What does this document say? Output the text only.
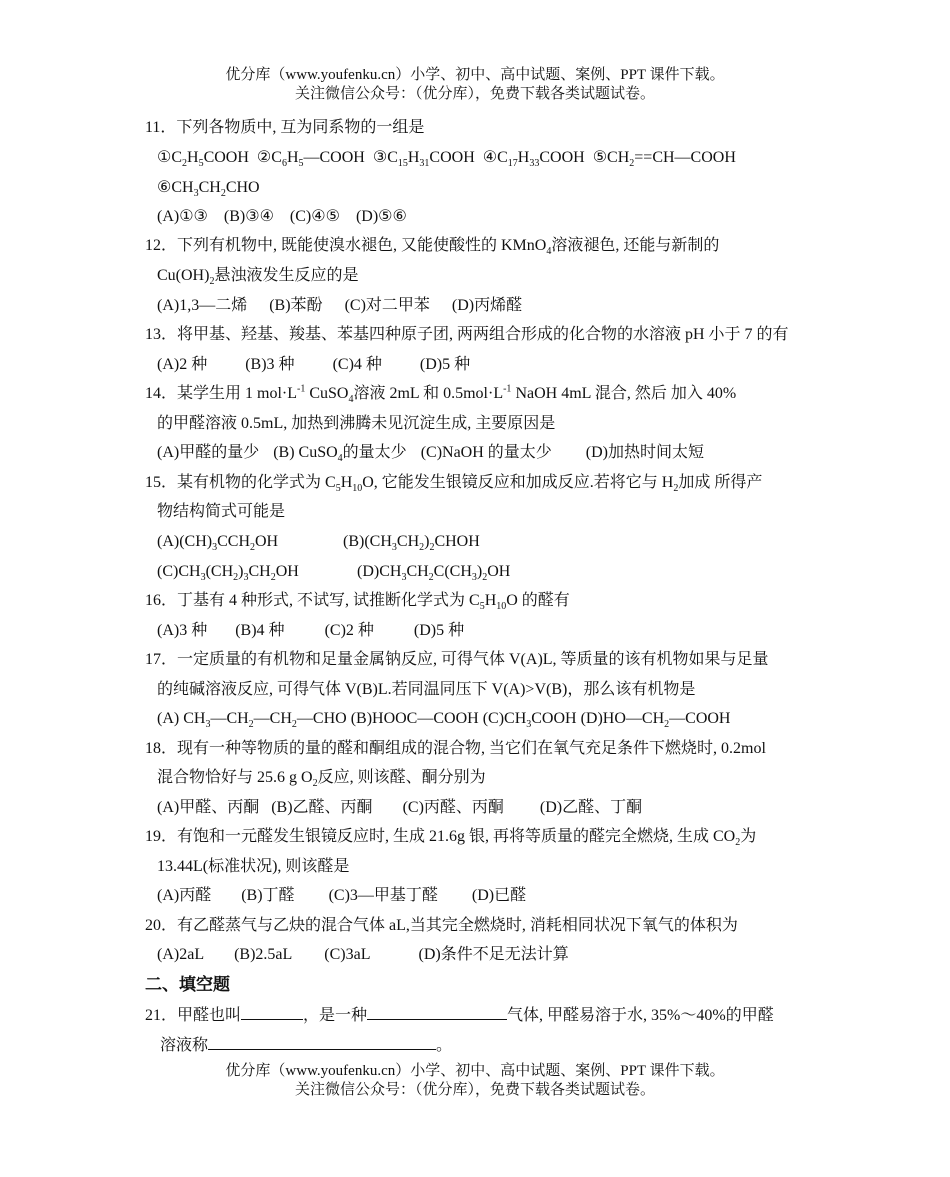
优分库（www.youfenku.cn）小学、初中、高中试题、案例、PPT 课件下载。
关注微信公众号：（优分库），免费下载各类试题试卷。
11．下列各物质中, 互为同系物的一组是
$①C_2H_5COOH$ $②C_6H_5—COOH$ $③C_{15}H_{31}COOH$ $④C_{17}H_{33}COOH$ $⑤CH_2==CH—COOH$
$⑥CH_3CH_2CHO$
(A)①③ (B)③④ (C)④⑤ (D)⑤⑥
12．下列有机物中, 既能使溴水褪色, 又能使酸性的 KMnO$_4$溶液褪色, 还能与新制的
$Cu(OH)_2$悬浊液发生反应的是
(A)1,3—二烯 (B)苯酚 (C)对二甲苯 (D)丙烯醛
13．将甲基、羟基、羧基、苯基四种原子团, 两两组合形成的化合物的水溶液 pH 小于 7 的有
(A)2 种 (B)3 种 (C)4 种 (D)5 种
14．某学生用 1 $mol\cdot L^{-1}$ CuSO$_4$溶液 2mL 和 $0.5mol\cdot L^{-1}$ NaOH 4mL 混合, 然后 加入 40%
的甲醛溶液 0.5mL, 加热到沸腾未见沉淀生成, 主要原因是
(A)甲醛的量少 (B) CuSO$_4$的量太少 (C)NaOH 的量太少 (D)加热时间太短
15．某有机物的化学式为 $C_5H_{10}O$, 它能发生银镜反应和加成反应.若将它与 $H_2$加成 所得产
物结构简式可能是
$(A)(CH)_3CCH_2OH$	$(B)(CH_3CH_2)_2CHOH$
$(C)CH_3(CH_2)_3CH_2OH$	$(D)CH_3CH_2C(CH_3)_2OH$
16．丁基有 4 种形式, 不试写, 试推断化学式为 $C_5H_{10}O$ 的醛有
(A)3 种 (B)4 种	(C)2 种	(D)5 种
17．一定质量的有机物和足量金属钠反应, 可得气体 V(A)L, 等质量的该有机物如果与足量
的纯碱溶液反应, 可得气体 V(B)L.若同温同压下 V(A)>V(B)，那么该有机物是
(A) $CH_3—CH_2—CH_2—CHO$ (B)HOOC—COOH $(C)CH_3COOH$ $(D)HO—CH_2—COOH$
18．现有一种等物质的量的醛和酮组成的混合物, 当它们在氧气充足条件下燃烧时, 0.2mol
混合物恰好与 25.6 g $O_2$反应, 则该醛、酮分别为
(A)甲醛、丙酮 (B)乙醛、丙酮 (C)丙醛、丙酮 (D)乙醛、丁酮
19．有饱和一元醛发生银镜反应时, 生成 21.6g 银, 再将等质量的醛完全燃烧, 生成 $CO_2$为
13.44L(标准状况), 则该醛是
(A)丙醛 (B)丁醛 (C)3—甲基丁醛 (D)已醛
20．有乙醛蒸气与乙炔的混合气体 aL,当其完全燃烧时, 消耗相同状况下氧气的体积为
(A)2aL (B)2.5aL (C)3aL	(D)条件不足无法计算
二、填空题
21．甲醛也叫	，是一种	气体, 甲醛易溶于水, 35%～40%的甲醛
溶液称	。
优分库（www.youfenku.cn）小学、初中、高中试题、案例、PPT 课件下载。
关注微信公众号：（优分库），免费下载各类试题试卷。
